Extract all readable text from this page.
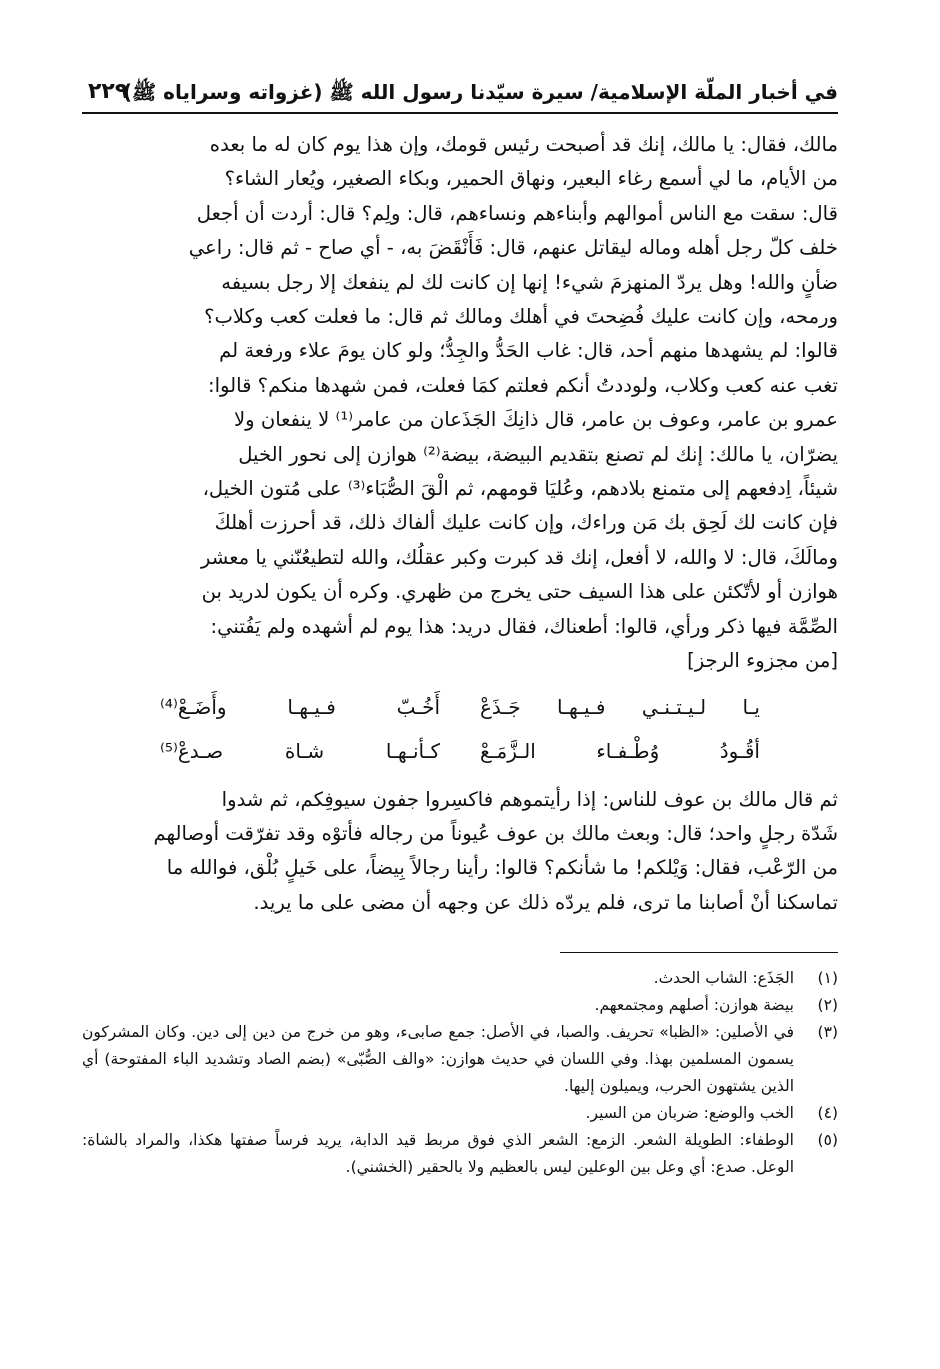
في أخبار الملّة الإسلامية/ سيرة سيّدنا رسول الله ﷺ (غزواته وسراياه ﷺ)
٢٢٩

مالك، فقال: يا مالك، إنك قد أصبحت رئيس قومك، وإن هذا يوم كان له ما بعده

من الأيام، ما لي أسمع رغاء البعير، ونهاق الحمير، وبكاء الصغير، ويُعار الشاء؟

قال: سقت مع الناس أموالهم وأبناءهم ونساءهم، قال: ولِم؟ قال: أردت أن أجعل

خلف كلّ رجل أهله وماله ليقاتل عنهم، قال: فَأَنْقَضَ به، - أي صاح - ثم قال: راعي

ضأنٍ والله! وهل يردّ المنهزمَ شيء! إنها إن كانت لك لم ينفعك إلا رجل بسيفه

ورمحه، وإن كانت عليك فُضِحتَ في أهلك ومالك ثم قال: ما فعلت كعب وكلاب؟

قالوا: لم يشهدها منهم أحد، قال: غاب الحَدُّ والجِدُّ؛ ولو كان يومَ علاء ورفعة لم

تغب عنه كعب وكلاب، ولوددتُ أنكم فعلتم كمَا فعلت، فمن شهدها منكم؟ قالوا:

عمرو بن عامر، وعوف بن عامر، قال ذانِكَ الجَذَعان من عامر⁽¹⁾ لا ينفعان ولا

يضرّان، يا مالك: إنك لم تصنع بتقديم البيضة، بيضة⁽²⁾ هوازن إلى نحور الخيل

شيئاً، اِدفعهم إلى متمنع بلادهم، وعُليَا قومهم، ثم الْقَ الصُّبَاء⁽³⁾ على مُتون الخيل،

فإن كانت لك لَحِق بك مَن وراءك، وإن كانت عليك ألفاك ذلك، قد أحرزت أهلكَ

ومالَكَ، قال: لا والله، لا أفعل، إنك قد كبرت وكبر عقلُك، والله لتطيعُنّني يا معشر

هوازن أو لأتّكئن على هذا السيف حتى يخرج من ظهري. وكره أن يكون لدريد بن

الصِّمَّة فيها ذكر ورأي، قالوا: أطعناك، فقال دريد: هذا يوم لم أشهده ولم يَفُتني:

[من مجزوء الرجز]

يـا لـيـتـنـي فـيـهـا جَـذَعْ
أَخُـبّ فـيـهـا وأَضَـعْ⁽⁴⁾
أقُـودُ وُطْـفـاء الـزَّمَـعْ
كـأنـهـا شـاة صـدعْ⁽⁵⁾

ثم قال مالك بن عوف للناس: إذا رأيتموهم فاكسِروا جفون سيوفِكم، ثم شدوا

شَدّة رجلٍ واحد؛ قال: وبعث مالك بن عوف عُيوناً من رجاله فأتوْه وقد تفرّقت أوصالهم

من الرّعْب، فقال: وَيْلكم! ما شأنكم؟ قالوا: رأينا رجالاً بِيضاً، على خَيلٍ بُلْق، فوالله ما

تماسكنا أنْ أصابنا ما ترى، فلم يردّه ذلك عن وجهه أن مضى على ما يريد.

(١)
الجَذَع: الشاب الحدث.
(٢)
بيضة هوازن: أصلهم ومجتمعهم.
(٣)
في الأصلين: «الظبا» تحريف. والصبا، في الأصل: جمع صابىء، وهو من خرج من دين إلى دين. وكان المشركون يسمون المسلمين بهذا. وفي اللسان في حديث هوازن: «والف الصُّبّى» (بضم الصاد وتشديد الباء المفتوحة) أي الذين يشتهون الحرب، ويميلون إليها.
(٤)
الخب والوضع: ضربان من السير.
(٥)
الوطفاء: الطويلة الشعر. الزمع: الشعر الذي فوق مربط قيد الدابة، يريد فرساً صفتها هكذا، والمراد بالشاة: الوعل. صدع: أي وعل بين الوعلين ليس بالعظيم ولا بالحقير (الخشني).
